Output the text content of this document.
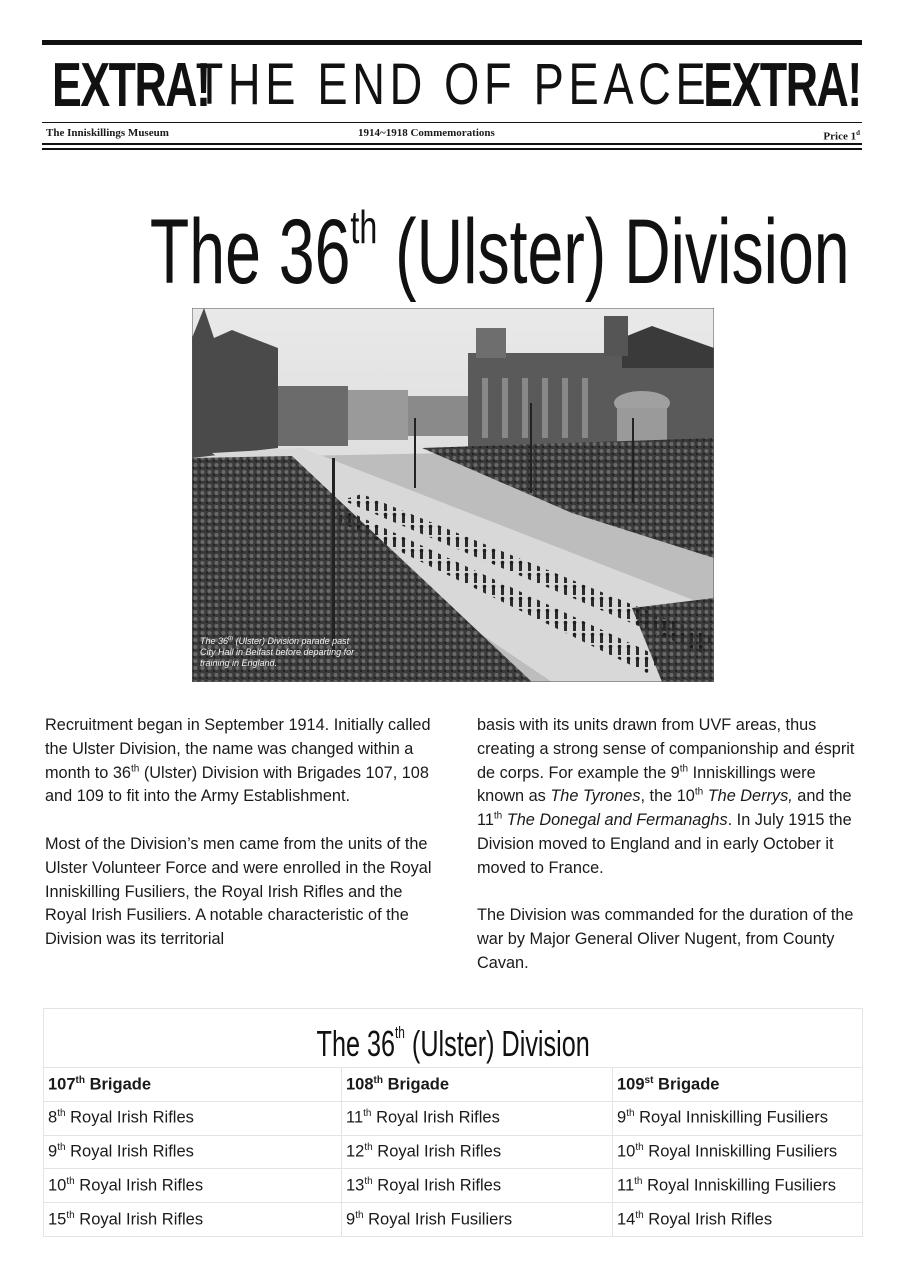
EXTRA!
THE END OF PEACE
EXTRA!
The Inniskillings Museum	1914~1918 Commemorations	Price 1$^d$
The 36th (Ulster) Division
The 36th (Ulster) Division parade past City Hall in Belfast before departing for training in England.

Recruitment began in September 1914. Initially called the Ulster Division, the name was changed within a month to 36th (Ulster) Division with Brigades 107, 108 and 109 to fit into the Army Establishment.

Most of the Division’s men came from the units of the Ulster Volunteer Force and were enrolled in the Royal Inniskilling Fusiliers, the Royal Irish Rifles and the Royal Irish Fusiliers. A notable characteristic of the Division was its territorial

basis with its units drawn from UVF areas, thus creating a strong sense of companionship and ésprit de corps. For example the 9th Inniskillings were known as The Tyrones, the 10th The Derrys, and the 11th The Donegal and Fermanaghs. In July 1915 the Division moved to England and in early October it moved to France.

The Division was commanded for the duration of the war by Major General Oliver Nugent, from County Cavan.

The 36th (Ulster) Division		
107th Brigade	108th Brigade	109st Brigade
8th Royal Irish Rifles	11th Royal Irish Rifles	9th Royal Inniskilling Fusiliers
9th Royal Irish Rifles	12th Royal Irish Rifles	10th Royal Inniskilling Fusiliers
10th Royal Irish Rifles	13th Royal Irish Rifles	11th Royal Inniskilling Fusiliers
15th Royal Irish Rifles	9th Royal Irish Fusiliers	14th Royal Irish Rifles
